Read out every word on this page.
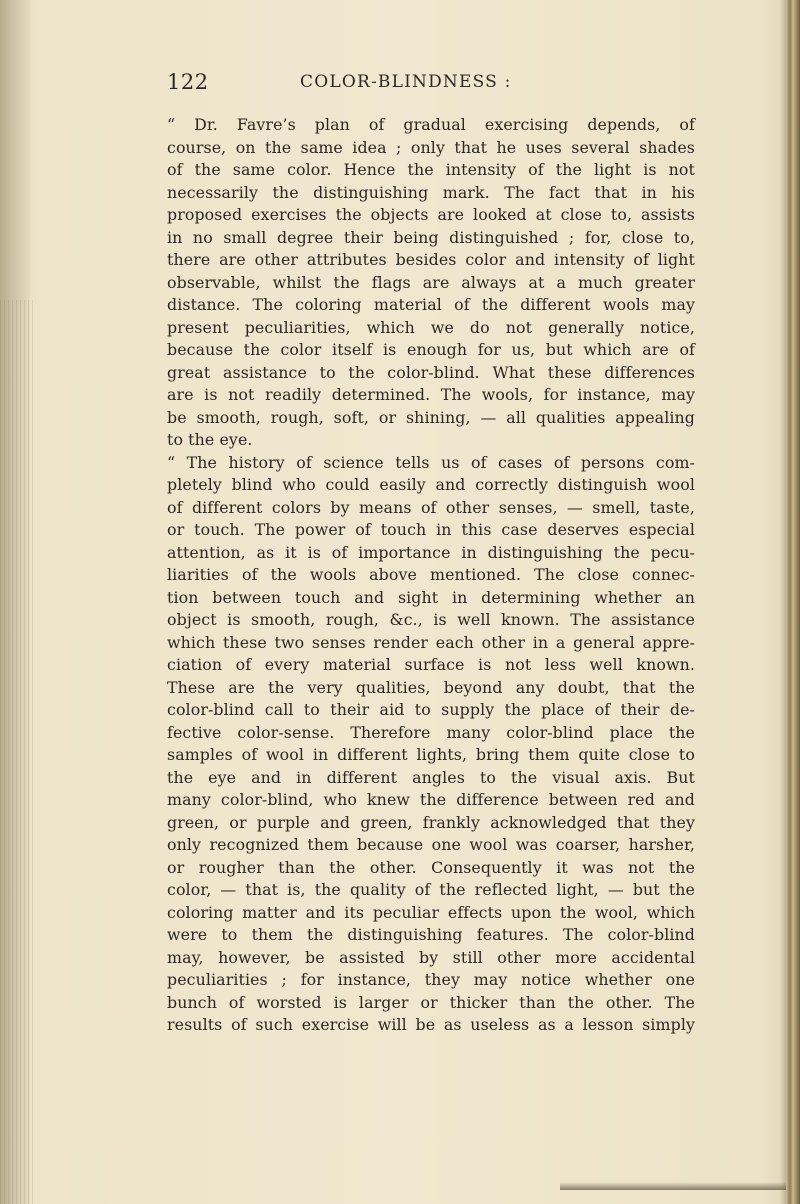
122	COLOR-BLINDNESS :
“ Dr. Favre’s plan of gradual exercising depends, of
course, on the same idea ; only that he uses several shades
of the same color. Hence the intensity of the light is not
necessarily the distinguishing mark. The fact that in his
proposed exercises the objects are looked at close to, assists
in no small degree their being distinguished ; for, close to,
there are other attributes besides color and intensity of light
observable, whilst the flags are always at a much greater
distance. The coloring material of the different wools may
present peculiarities, which we do not generally notice,
because the color itself is enough for us, but which are of
great assistance to the color-blind. What these differences
are is not readily determined. The wools, for instance, may
be smooth, rough, soft, or shining, — all qualities appealing
to the eye.
“ The history of science tells us of cases of persons com-
pletely blind who could easily and correctly distinguish wool
of different colors by means of other senses, — smell, taste,
or touch. The power of touch in this case deserves especial
attention, as it is of importance in distinguishing the pecu-
liarities of the wools above mentioned. The close connec-
tion between touch and sight in determining whether an
object is smooth, rough, &c., is well known. The assistance
which these two senses render each other in a general appre-
ciation of every material surface is not less well known.
These are the very qualities, beyond any doubt, that the
color-blind call to their aid to supply the place of their de-
fective color-sense. Therefore many color-blind place the
samples of wool in different lights, bring them quite close to
the eye and in different angles to the visual axis. But
many color-blind, who knew the difference between red and
green, or purple and green, frankly acknowledged that they
only recognized them because one wool was coarser, harsher,
or rougher than the other. Consequently it was not the
color, — that is, the quality of the reflected light, — but the
coloring matter and its peculiar effects upon the wool, which
were to them the distinguishing features. The color-blind
may, however, be assisted by still other more accidental
peculiarities ; for instance, they may notice whether one
bunch of worsted is larger or thicker than the other. The
results of such exercise will be as useless as a lesson simply
